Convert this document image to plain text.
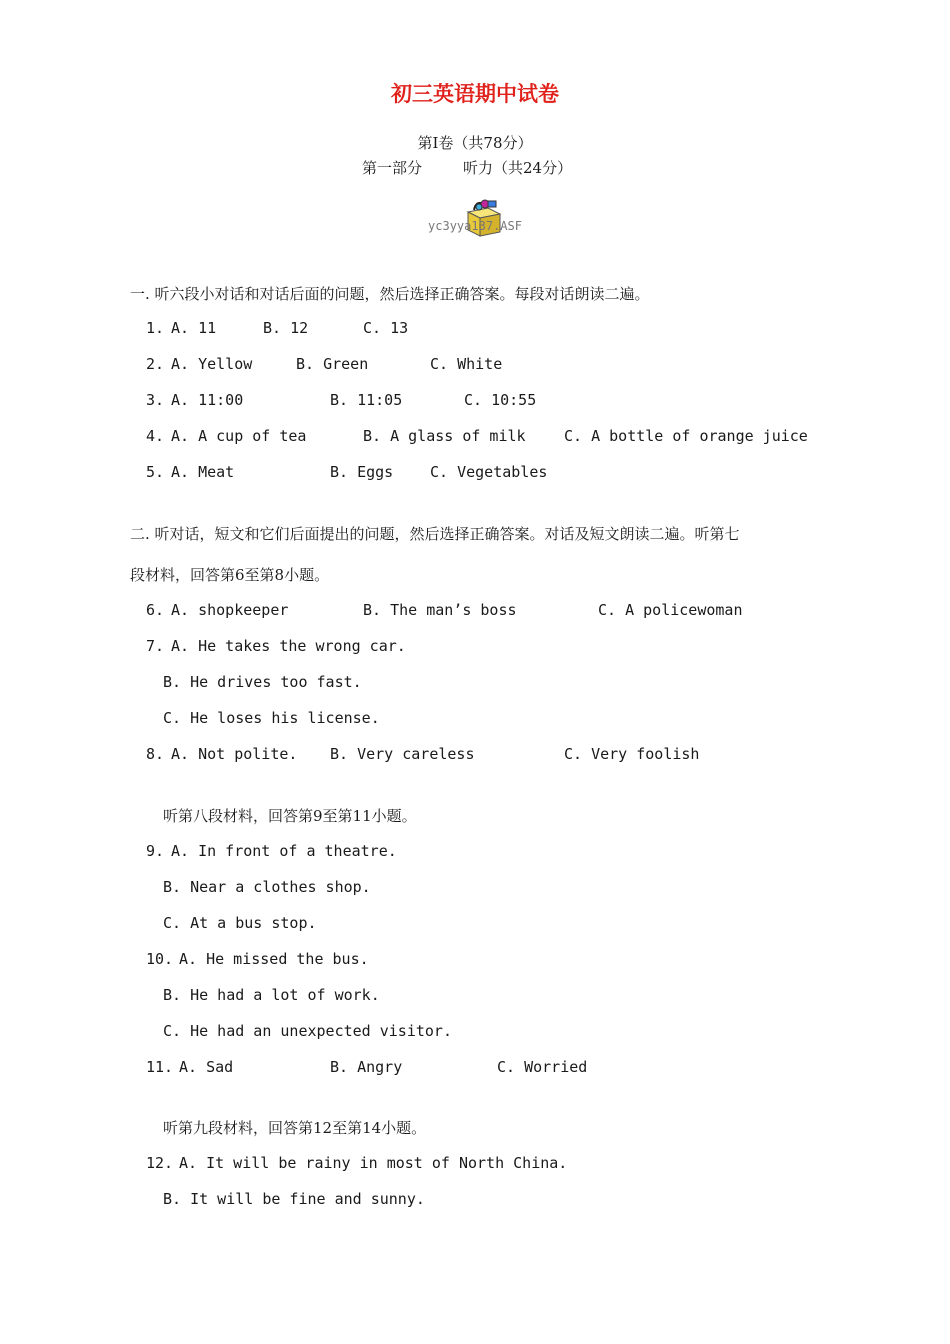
初三英语期中试卷
第Ⅰ卷（共78分）
第一部分	听力（共24分）

yc3yya137.ASF
一. 听六段小对话和对话后面的问题，然后选择正确答案。每段对话朗读二遍。
1. A. 11	B. 12	C. 13
2. A. Yellow	B. Green	C. White
3. A. 11:00	B. 11:05	C. 10:55
4. A. A cup of tea	B. A glass of milk	C. A bottle of orange juice
5. A. Meat	B. Eggs C. Vegetables
二. 听对话，短文和它们后面提出的问题，然后选择正确答案。对话及短文朗读二遍。听第七
段材料，回答第6至第8小题。
6. A. shopkeeper	B. The man’s boss	C. A policewoman
7. A. He takes the wrong car.
B. He drives too fast.
C. He loses his license.
8. A. Not polite. B. Very careless	C. Very foolish
听第八段材料，回答第9至第11小题。
9. A. In front of a theatre.
B. Near a clothes shop.
C. At a bus stop.
10. A. He missed the bus.
B. He had a lot of work.
C. He had an unexpected visitor.
11. A. Sad	B. Angry	C. Worried
听第九段材料，回答第12至第14小题。
12. A. It will be rainy in most of North China.
B. It will be fine and sunny.
